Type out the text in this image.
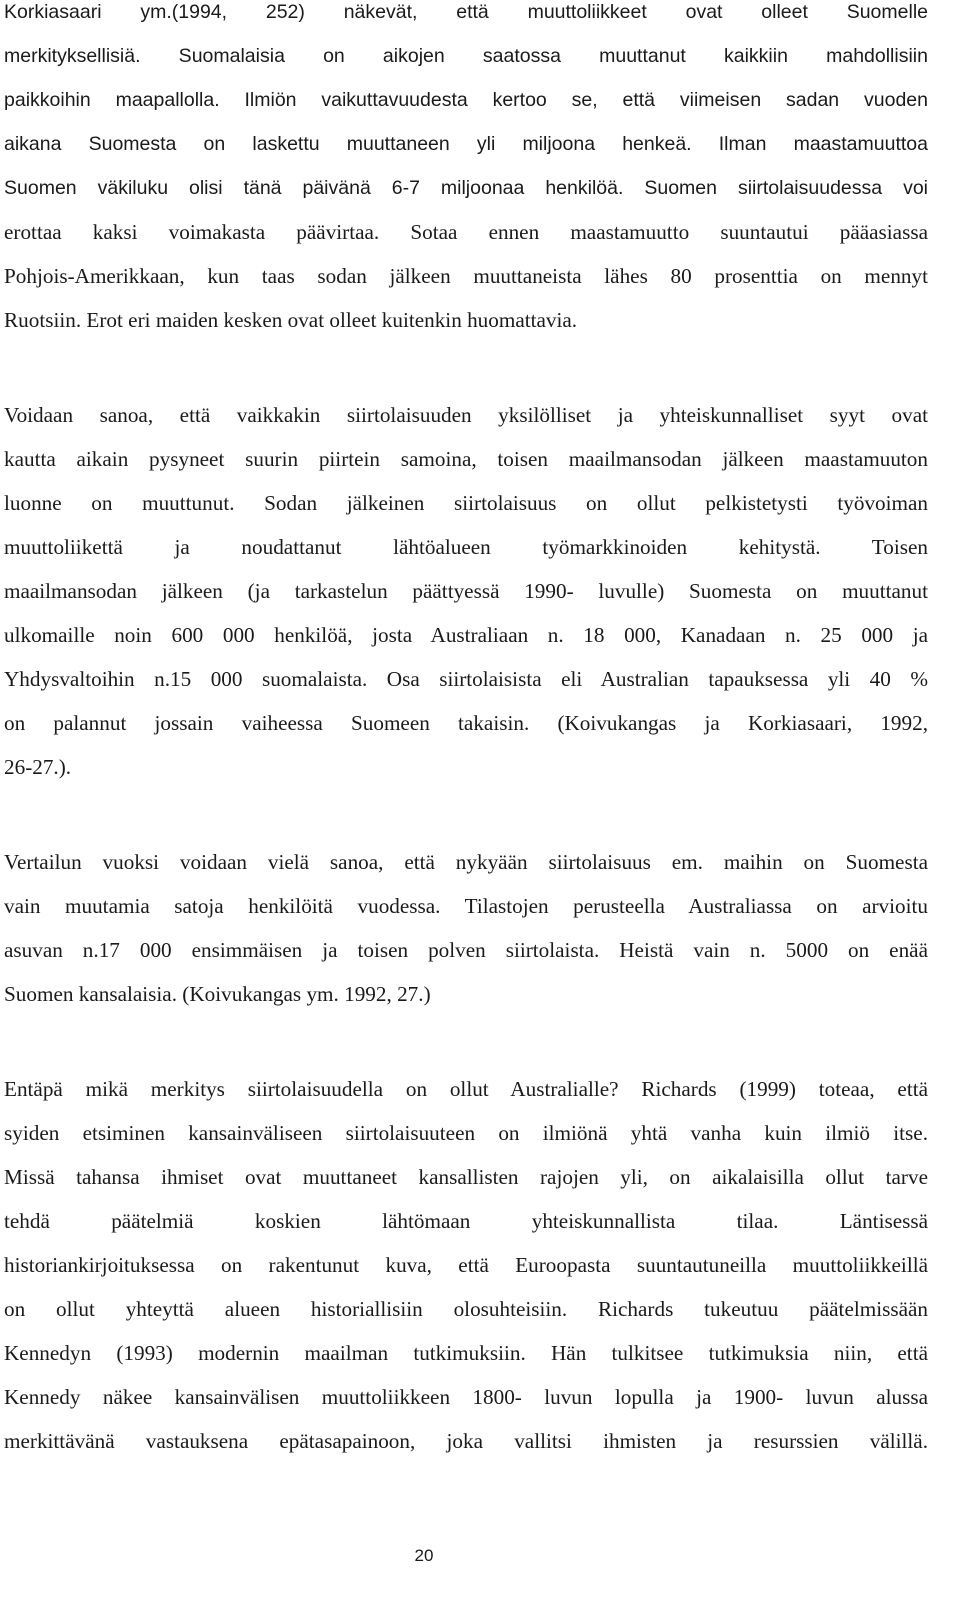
Korkiasaari ym.(1994, 252) näkevät, että muuttoliikkeet ovat olleet Suomelle
merkityksellisiä. Suomalaisia on aikojen saatossa muuttanut kaikkiin mahdollisiin
paikkoihin maapallolla. Ilmiön vaikuttavuudesta kertoo se, että viimeisen sadan vuoden
aikana Suomesta on laskettu muuttaneen yli miljoona henkeä. Ilman maastamuuttoa
Suomen väkiluku olisi tänä päivänä 6-7 miljoonaa henkilöä. Suomen siirtolaisuudessa voi
erottaa kaksi voimakasta päävirtaa. Sotaa ennen maastamuutto suuntautui pääasiassa
Pohjois-Amerikkaan, kun taas sodan jälkeen muuttaneista lähes 80 prosenttia on mennyt
Ruotsiin. Erot eri maiden kesken ovat olleet kuitenkin huomattavia.
Voidaan sanoa, että vaikkakin siirtolaisuuden yksilölliset ja yhteiskunnalliset syyt ovat
kautta aikain pysyneet suurin piirtein samoina, toisen maailmansodan jälkeen maastamuuton
luonne on muuttunut. Sodan jälkeinen siirtolaisuus on ollut pelkistetysti työvoiman
muuttoliikettä ja noudattanut lähtöalueen työmarkkinoiden kehitystä. Toisen
maailmansodan jälkeen (ja tarkastelun päättyessä 1990- luvulle) Suomesta on muuttanut
ulkomaille noin 600 000 henkilöä, josta Australiaan n. 18 000, Kanadaan n. 25 000 ja
Yhdysvaltoihin n.15 000 suomalaista. Osa siirtolaisista eli Australian tapauksessa yli 40 %
on palannut jossain vaiheessa Suomeen takaisin. (Koivukangas ja Korkiasaari, 1992,
26-27.).
Vertailun vuoksi voidaan vielä sanoa, että nykyään siirtolaisuus em. maihin on Suomesta
vain muutamia satoja henkilöitä vuodessa. Tilastojen perusteella Australiassa on arvioitu
asuvan n.17 000 ensimmäisen ja toisen polven siirtolaista. Heistä vain n. 5000 on enää
Suomen kansalaisia. (Koivukangas ym. 1992, 27.)
Entäpä mikä merkitys siirtolaisuudella on ollut Australialle? Richards (1999) toteaa, että
syiden etsiminen kansainväliseen siirtolaisuuteen on ilmiönä yhtä vanha kuin ilmiö itse.
Missä tahansa ihmiset ovat muuttaneet kansallisten rajojen yli, on aikalaisilla ollut tarve
tehdä päätelmiä koskien lähtömaan yhteiskunnallista tilaa. Läntisessä
historiankirjoituksessa on rakentunut kuva, että Euroopasta suuntautuneilla muuttoliikkeillä
on ollut yhteyttä alueen historiallisiin olosuhteisiin. Richards tukeutuu päätelmissään
Kennedyn (1993) modernin maailman tutkimuksiin. Hän tulkitsee tutkimuksia niin, että
Kennedy näkee kansainvälisen muuttoliikkeen 1800- luvun lopulla ja 1900- luvun alussa
merkittävänä vastauksena epätasapainoon, joka vallitsi ihmisten ja resurssien välillä.
20
